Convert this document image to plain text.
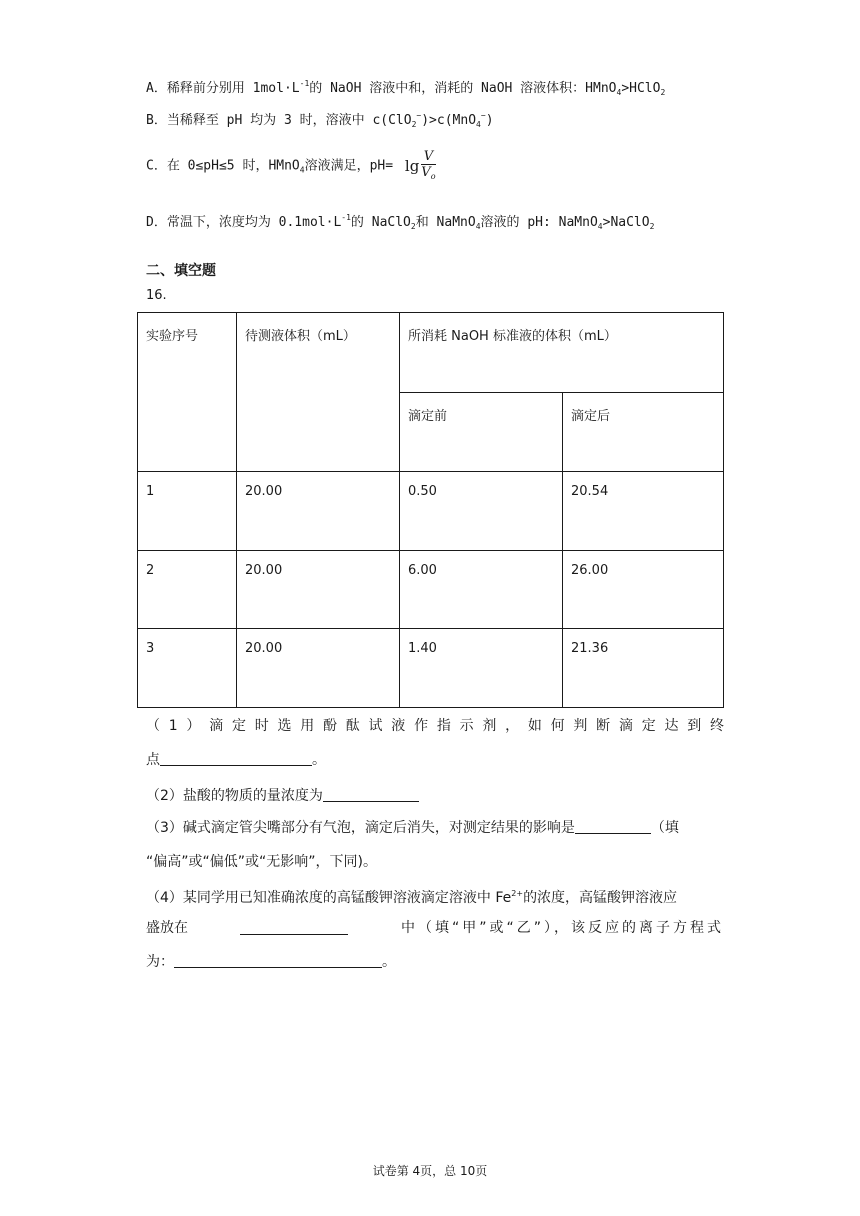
A．稀释前分别用 $1mol\cdot L^{-1}$的 NaOH 溶液中和，消耗的 NaOH 溶液体积：HMnO$_4$>HClO$_2$
B．当稀释至 pH 均为 3 时，溶液中 c(ClO$_2$−)>c(MnO$_4$−)
C．在 0≤pH≤5 时，HMnO$_4$溶液满足，$pH= \lg \frac{V}{V_o}$
D．常温下，浓度均为 $0.1mol\cdot L^{-1}$的 NaClO$_2$和 NaMnO$_4$溶液的 pH: NaMnO$_4$>NaClO$_2$
二、填空题
16.
实验序号	待测液体积（mL）	所消耗 NaOH 标准液的体积（mL）	
		滴定前	滴定后
1	20.00	0.50	20.54
2	20.00	6.00	26.00
3	20.00	1.40	21.36
（1）滴定时选用酚酞试液作指示剂，如何判断滴定达到终
点	。
（2）盐酸的物质的量浓度为
（3）碱式滴定管尖嘴部分有气泡，滴定后消失，对测定结果的影响是	（填
“偏高”或“偏低”或“无影响”，下同)。
（4）某同学用已知准确浓度的高锰酸钾溶液滴定溶液中 $Fe^{2+}$的浓度，高锰酸钾溶液应
盛放在	中（填“甲”或“乙”），该反应的离子方程式
为：	。
试卷第 4页，总 10页
